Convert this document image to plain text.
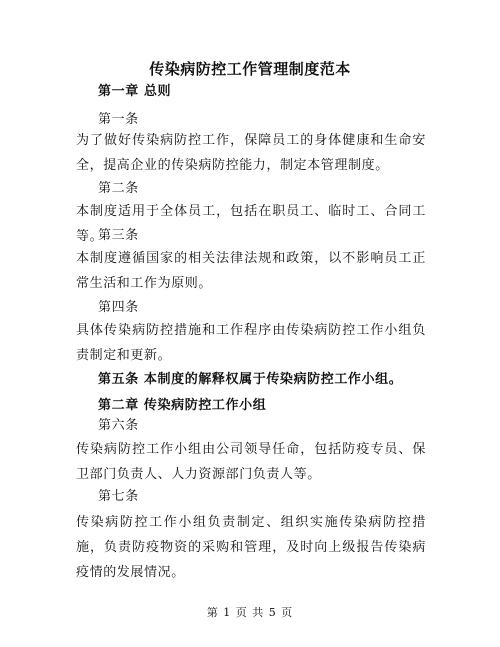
传染病防控工作管理制度范本
第一章 总则
第一条
为了做好传染病防控工作，保障员工的身体健康和生命安全，提高企业的传染病防控能力，制定本管理制度。
第二条
本制度适用于全体员工，包括在职员工、临时工、合同工等。
第三条
本制度遵循国家的相关法律法规和政策，以不影响员工正常生活和工作为原则。
第四条
具体传染病防控措施和工作程序由传染病防控工作小组负责制定和更新。
第五条 本制度的解释权属于传染病防控工作小组。
第二章 传染病防控工作小组
第六条
传染病防控工作小组由公司领导任命，包括防疫专员、保卫部门负责人、人力资源部门负责人等。
第七条
传染病防控工作小组负责制定、组织实施传染病防控措施，负责防疫物资的采购和管理，及时向上级报告传染病疫情的发展情况。
第 1 页 共 5 页
